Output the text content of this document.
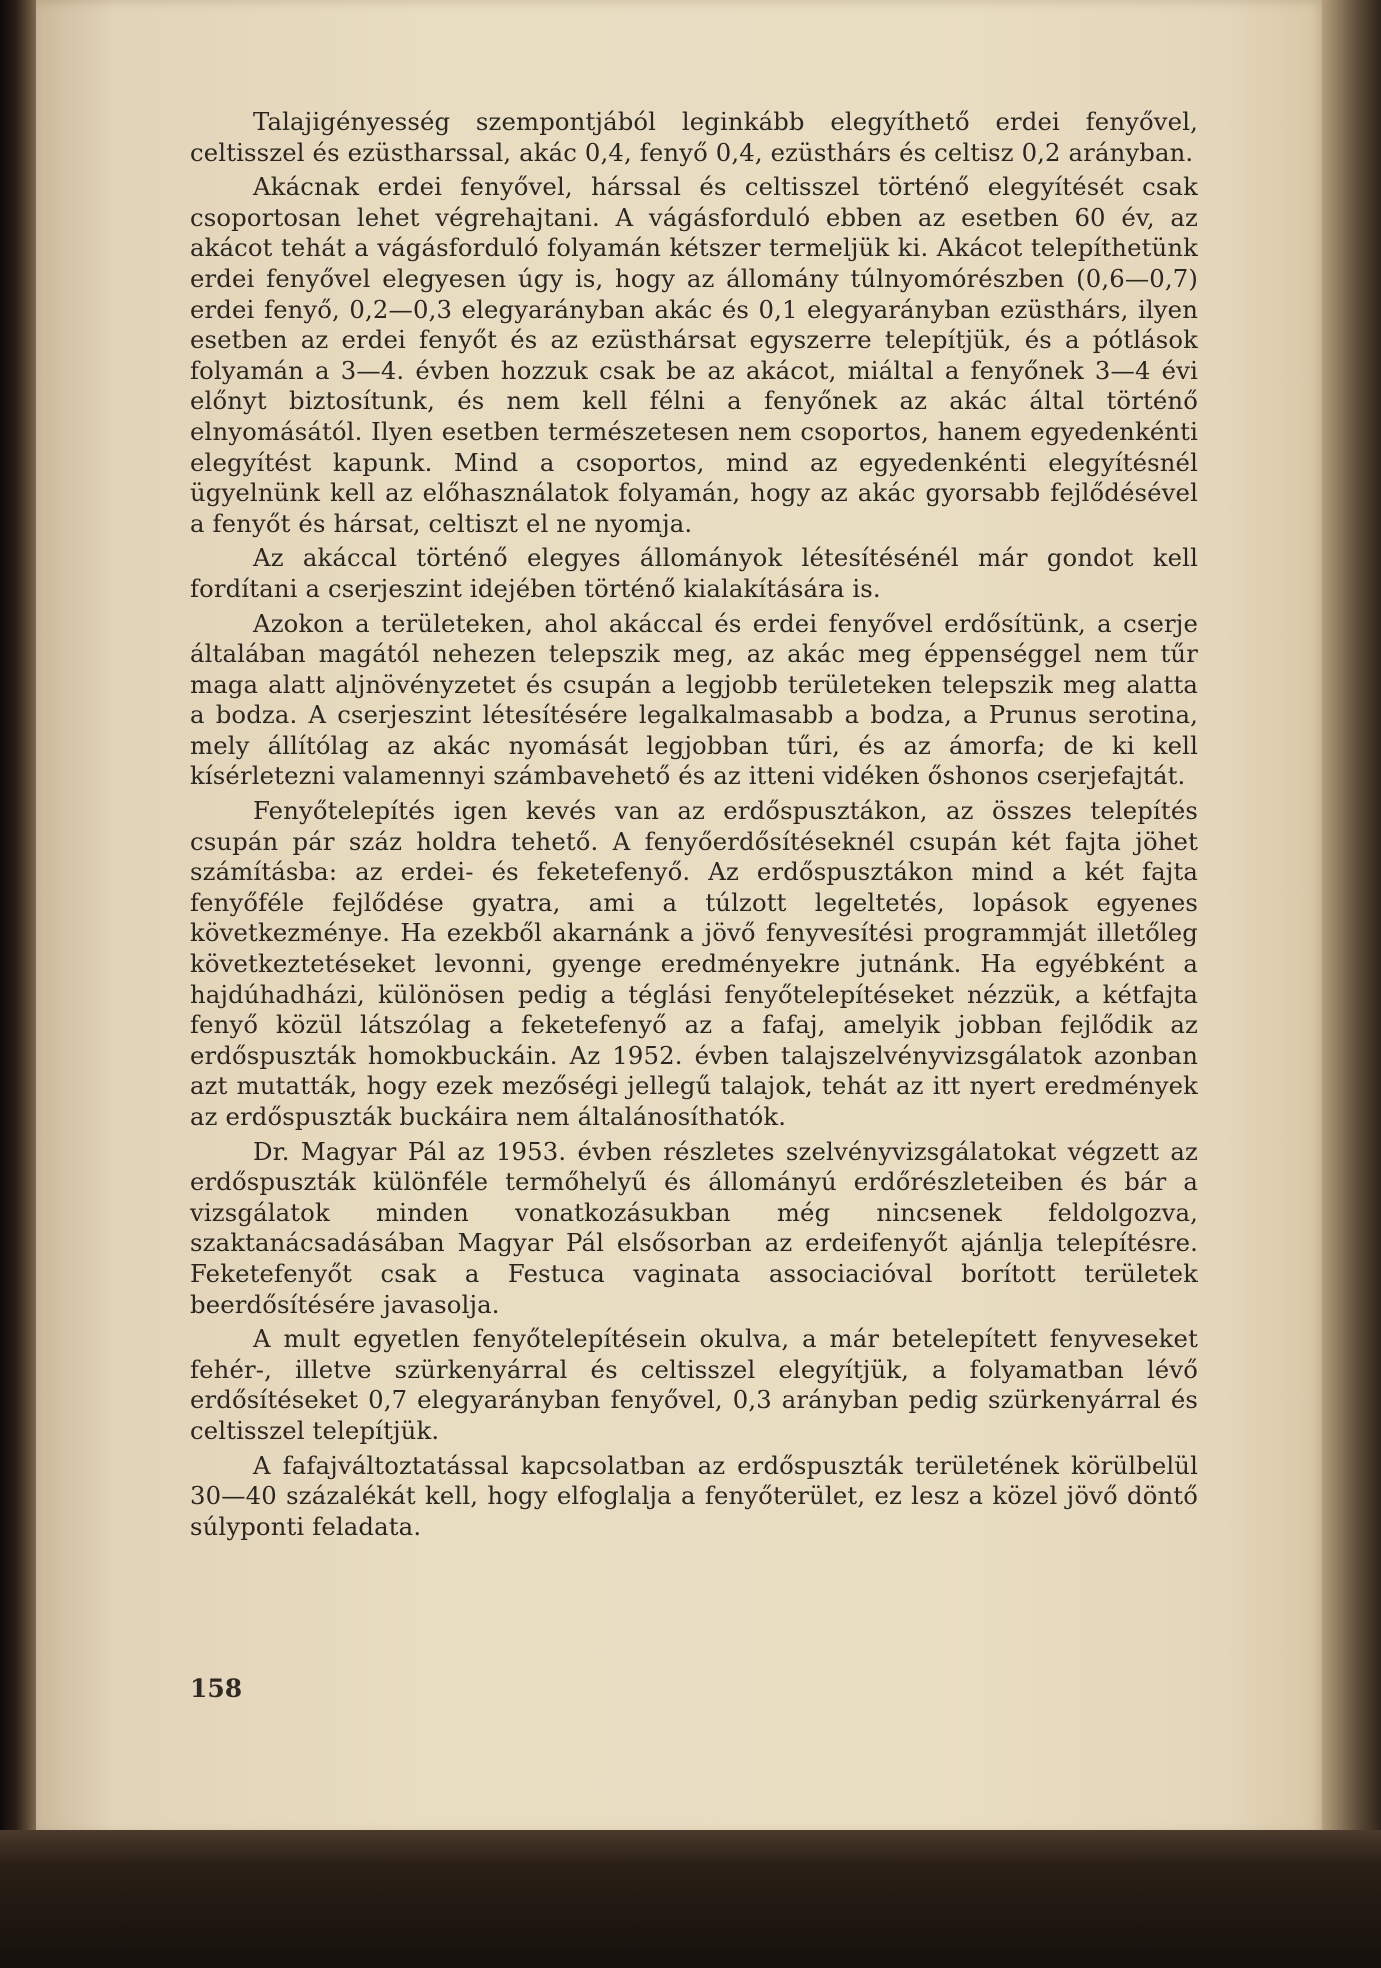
Talajigényesség szempontjából leginkább elegyíthető erdei fenyővel, celtisszel és ezüstharssal, akác 0,4, fenyő 0,4, ezüsthárs és celtisz 0,2 arányban.

Akácnak erdei fenyővel, hárssal és celtisszel történő elegyítését csak csoportosan lehet végrehajtani. A vágásforduló ebben az esetben 60 év, az akácot tehát a vágásforduló folyamán kétszer termeljük ki. Akácot telepíthetünk erdei fenyővel elegyesen úgy is, hogy az állomány túlnyomórészben (0,6—0,7) erdei fenyő, 0,2—0,3 elegyarányban akác és 0,1 elegyarányban ezüsthárs, ilyen esetben az erdei fenyőt és az ezüsthársat egyszerre telepítjük, és a pótlások folyamán a 3—4. évben hozzuk csak be az akácot, miáltal a fenyőnek 3—4 évi előnyt biztosítunk, és nem kell félni a fenyőnek az akác által történő elnyomásától. Ilyen esetben természetesen nem csoportos, hanem egyedenkénti elegyítést kapunk. Mind a csoportos, mind az egyedenkénti elegyítésnél ügyelnünk kell az előhasználatok folyamán, hogy az akác gyorsabb fejlődésével a fenyőt és hársat, celtiszt el ne nyomja.

Az akáccal történő elegyes állományok létesítésénél már gondot kell fordítani a cserjeszint idejében történő kialakítására is.

Azokon a területeken, ahol akáccal és erdei fenyővel erdősítünk, a cserje általában magától nehezen telepszik meg, az akác meg éppenséggel nem tűr maga alatt aljnövényzetet és csupán a legjobb területeken telepszik meg alatta a bodza. A cserjeszint létesítésére legalkalmasabb a bodza, a Prunus serotina, mely állítólag az akác nyomását legjobban tűri, és az ámorfa; de ki kell kísérletezni valamennyi számbavehető és az itteni vidéken őshonos cserjefajtát.

Fenyőtelepítés igen kevés van az erdőspusztákon, az összes telepítés csupán pár száz holdra tehető. A fenyőerdősítéseknél csupán két fajta jöhet számításba: az erdei- és feketefenyő. Az erdőspusztákon mind a két fajta fenyőféle fejlődése gyatra, ami a túlzott legeltetés, lopások egyenes következménye. Ha ezekből akarnánk a jövő fenyvesítési programmját illetőleg következtetéseket levonni, gyenge eredményekre jutnánk. Ha egyébként a hajdúhadházi, különösen pedig a téglási fenyőtelepítéseket nézzük, a kétfajta fenyő közül látszólag a feketefenyő az a fafaj, amelyik jobban fejlődik az erdőspuszták homokbuckáin. Az 1952. évben talajszelvényvizsgálatok azonban azt mutatták, hogy ezek mezőségi jellegű talajok, tehát az itt nyert eredmények az erdőspuszták buckáira nem általánosíthatók.

Dr. Magyar Pál az 1953. évben részletes szelvényvizsgálatokat végzett az erdőspuszták különféle termőhelyű és állományú erdőrészleteiben és bár a vizsgálatok minden vonatkozásukban még nincsenek feldolgozva, szaktanácsadásában Magyar Pál elsősorban az erdeifenyőt ajánlja telepítésre. Feketefenyőt csak a Festuca vaginata associacióval borított területek beerdősítésére javasolja.

A mult egyetlen fenyőtelepítésein okulva, a már betelepített fenyveseket fehér-, illetve szürkenyárral és celtisszel elegyítjük, a folyamatban lévő erdősítéseket 0,7 elegyarányban fenyővel, 0,3 arányban pedig szürkenyárral és celtisszel telepítjük.

A fafajváltoztatással kapcsolatban az erdőspuszták területének körülbelül 30—40 százalékát kell, hogy elfoglalja a fenyőterület, ez lesz a közel jövő döntő súlyponti feladata.

158
